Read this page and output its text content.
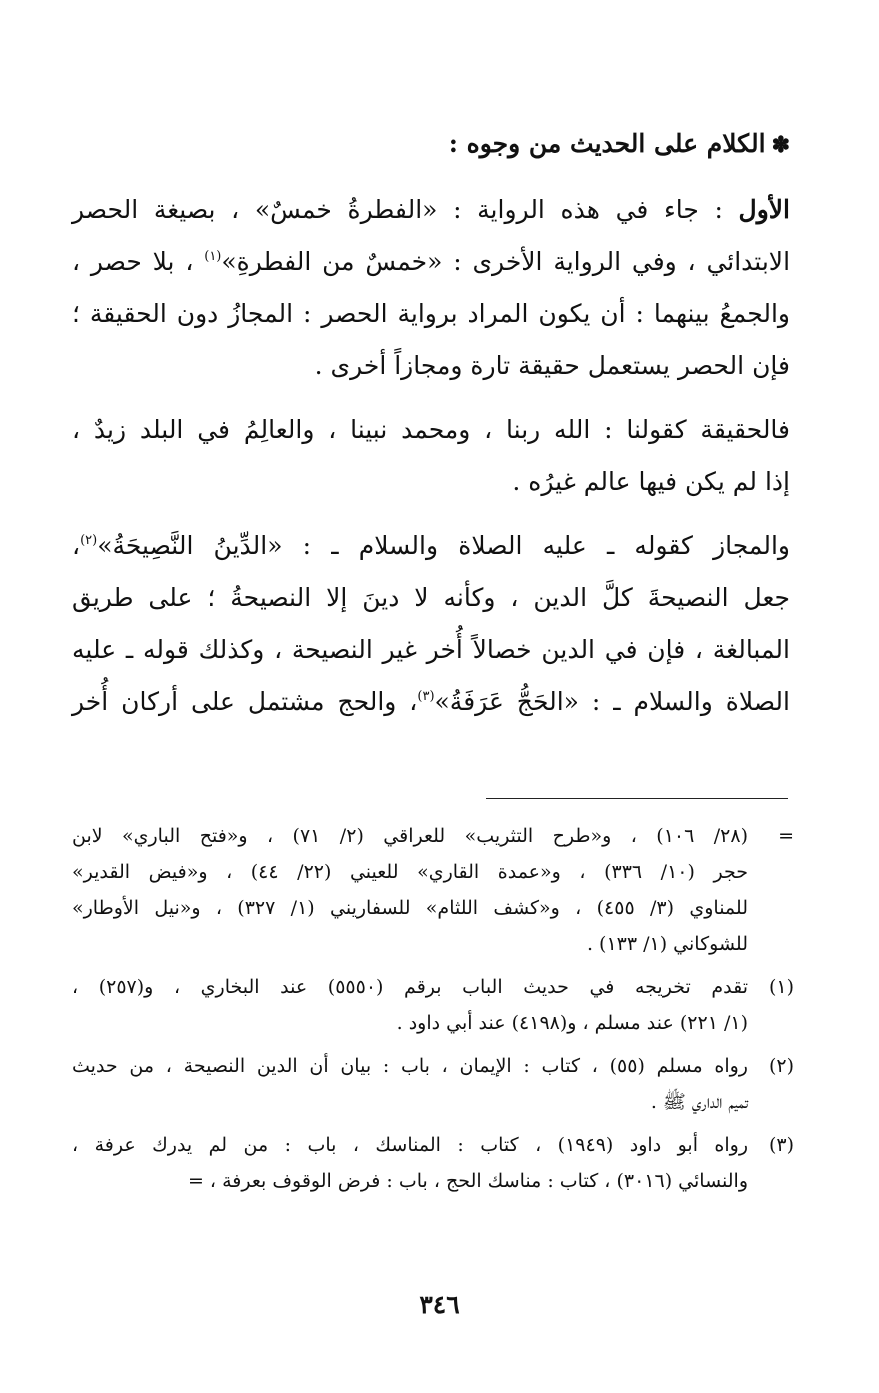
✽الكلام على الحديث من وجوه :
الأول : جاء في هذه الرواية : «الفطرةُ خمسٌ» ، بصيغة الحصر
الابتدائي ، وفي الرواية الأخرى : «خمسٌ من الفطرةِ»$^{(١)}$ ، بلا حصر ،
والجمعُ بينهما : أن يكون المراد برواية الحصر : المجازُ دون الحقيقة ؛
فإن الحصر يستعمل حقيقة تارة ومجازاً أخرى .
فالحقيقة كقولنا : الله ربنا ، ومحمد نبينا ، والعالِمُ في البلد زيدٌ ،
إذا لم يكن فيها عالم غيرُه .
والمجاز كقوله ـ عليه الصلاة والسلام ـ : «الدِّينُ النَّصِيحَةُ»$^{(٢)}$،
جعل النصيحةَ كلَّ الدين ، وكأنه لا دينَ إلا النصيحةُ ؛ على طريق
المبالغة ، فإن في الدين خصالاً أُخر غير النصيحة ، وكذلك قوله ـ عليه
الصلاة والسلام ـ : «الحَجُّ عَرَفَةُ»$^{(٣)}$، والحج مشتمل على أركان أُخر
=
(٢٨/ ١٠٦) ، و«طرح التثريب» للعراقي (٢/ ٧١) ، و«فتح الباري» لابن
حجر (١٠/ ٣٣٦) ، و«عمدة القاري» للعيني (٢٢/ ٤٤) ، و«فيض القدير»
للمناوي (٣/ ٤٥٥) ، و«كشف اللثام» للسفاريني (١/ ٣٢٧) ، و«نيل الأوطار»
للشوكاني (١/ ١٣٣) .
(١)
تقدم تخريجه في حديث الباب برقم (٥٥٥٠) عند البخاري ، و(٢٥٧) ،
(١/ ٢٢١) عند مسلم ، و(٤١٩٨) عند أبي داود .
(٢)
رواه مسلم (٥٥) ، كتاب : الإيمان ، باب : بيان أن الدين النصيحة ، من حديث
تميم الداري ﷺ .
(٣)
رواه أبو داود (١٩٤٩) ، كتاب : المناسك ، باب : من لم يدرك عرفة ،
والنسائي (٣٠١٦) ، كتاب : مناسك الحج ، باب : فرض الوقوف بعرفة ، =
٣٤٦
